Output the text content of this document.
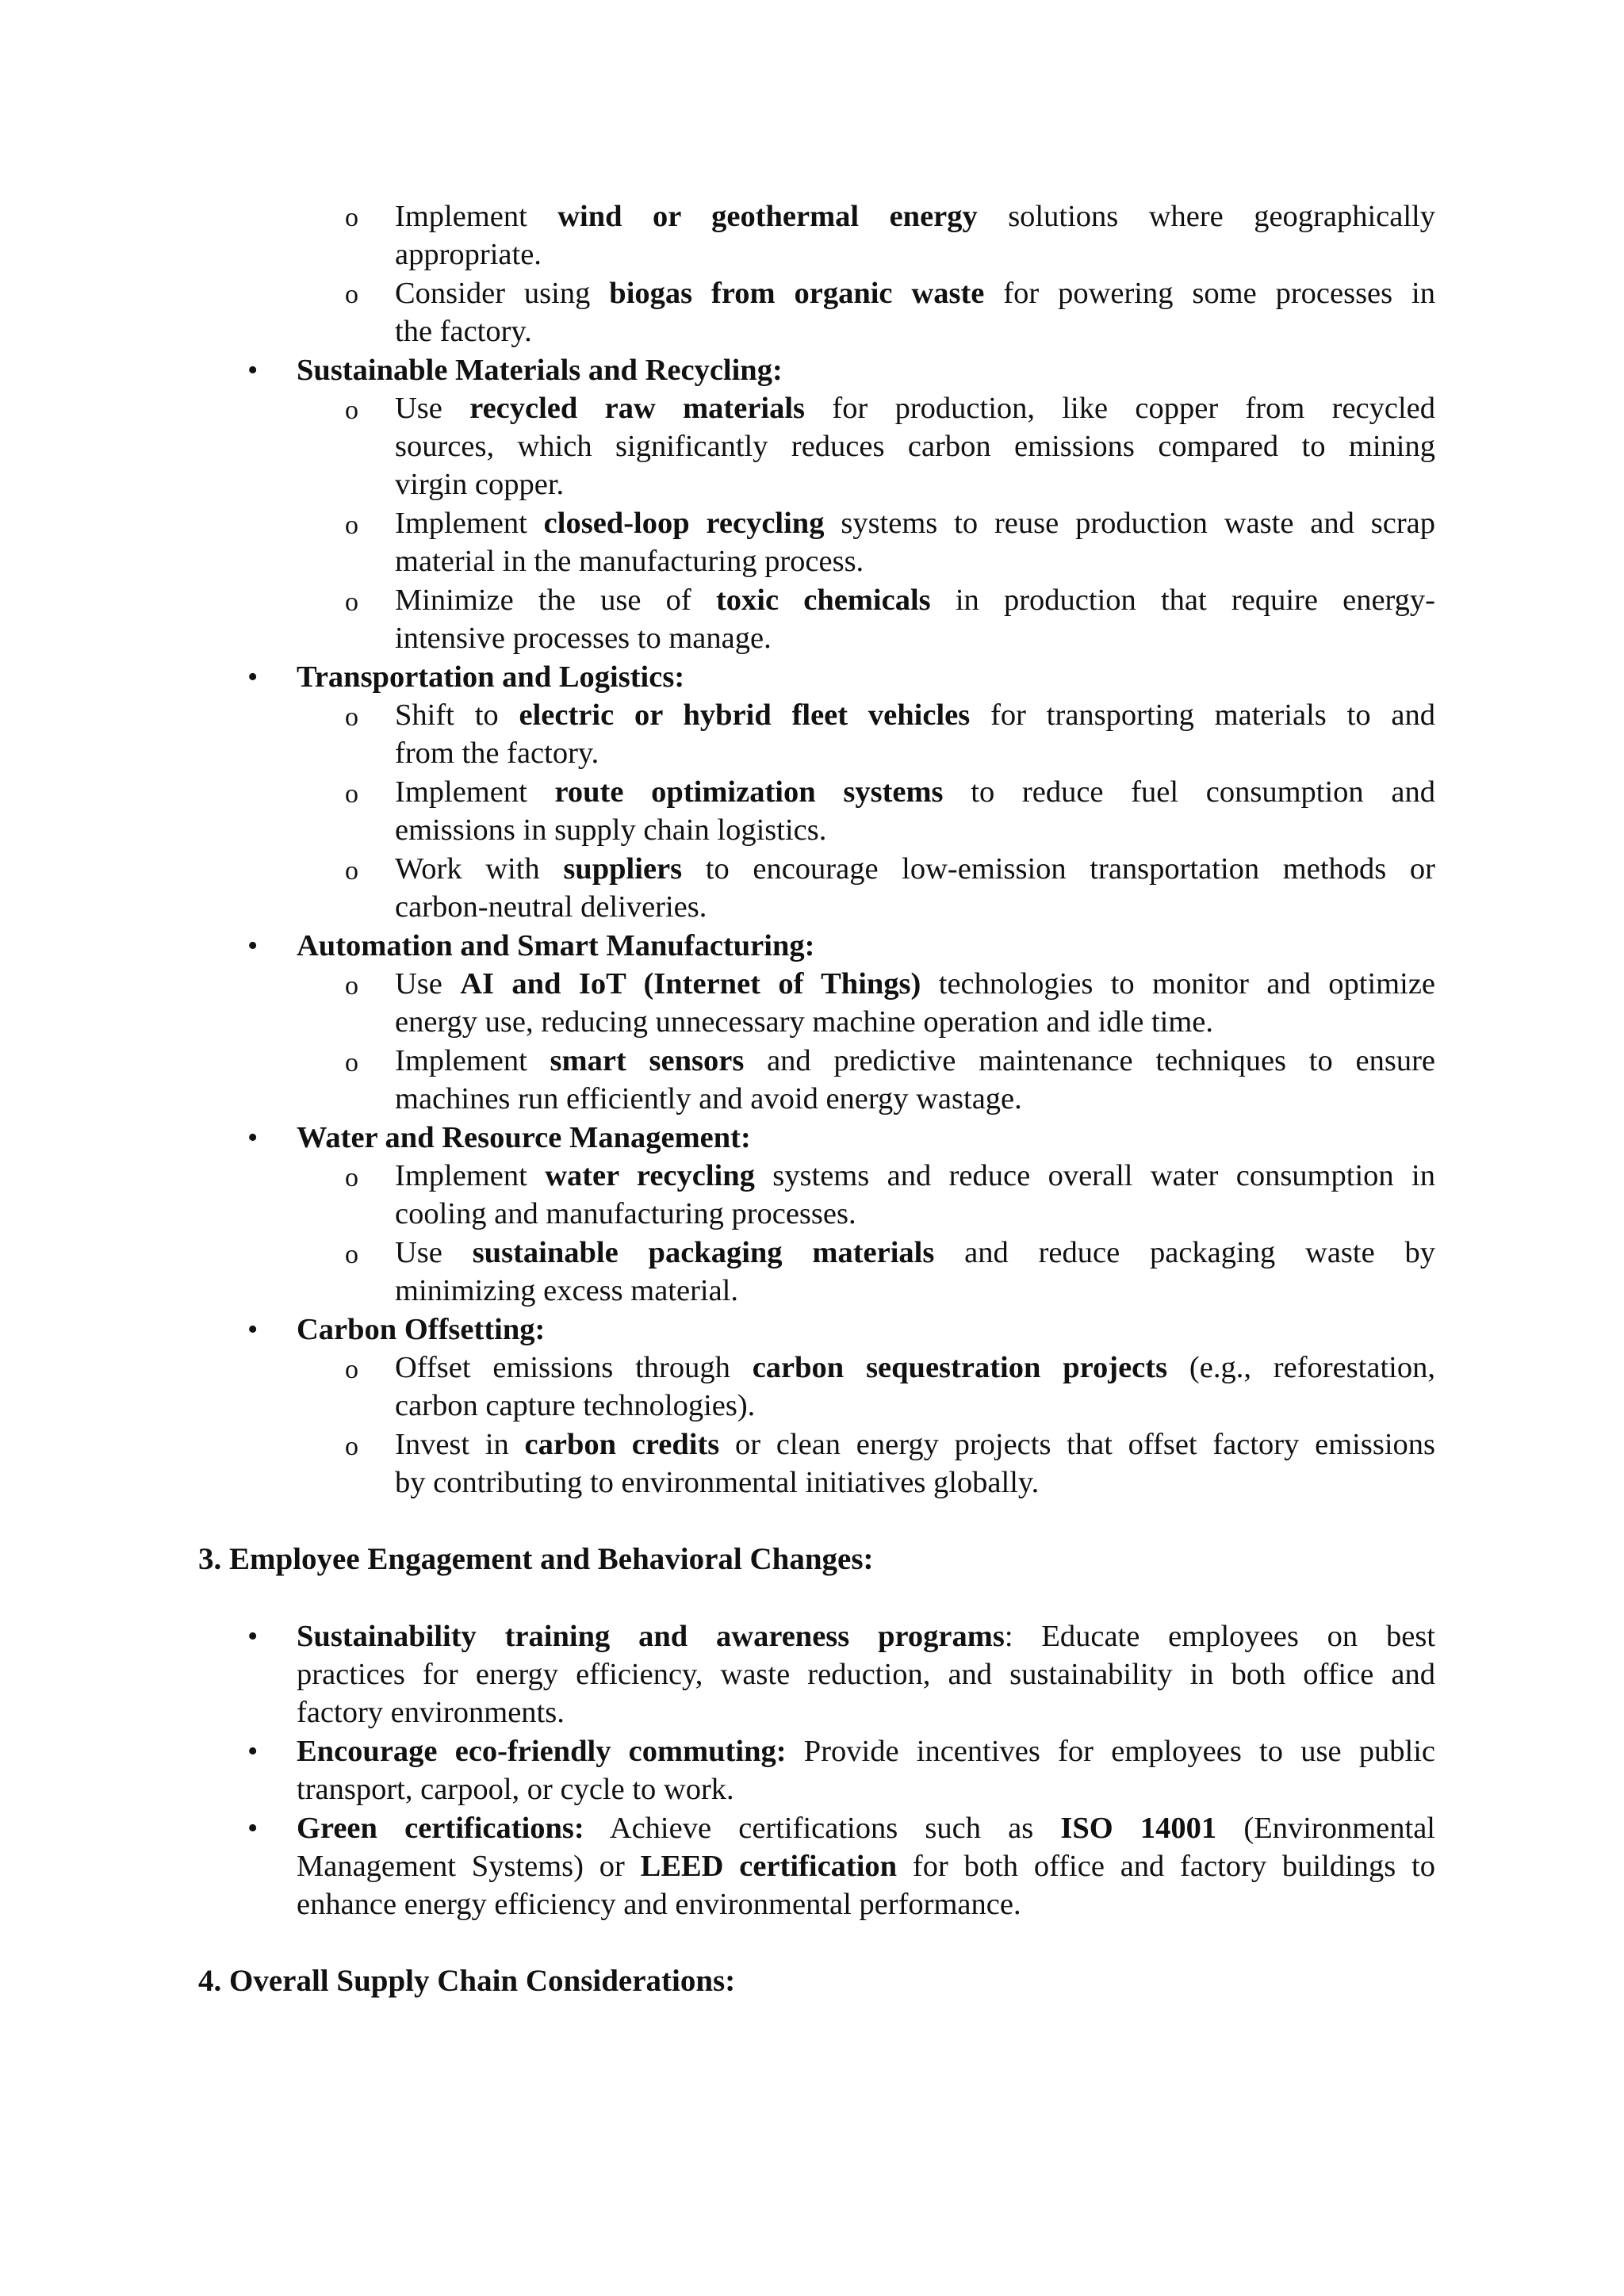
o Implement wind or geothermal energy solutions where geographically
appropriate.
o Consider using biogas from organic waste for powering some processes in
the factory.
• Sustainable Materials and Recycling:
o Use recycled raw materials for production, like copper from recycled
sources, which significantly reduces carbon emissions compared to mining
virgin copper.
o Implement closed-loop recycling systems to reuse production waste and scrap
material in the manufacturing process.
o Minimize the use of toxic chemicals in production that require energy-
intensive processes to manage.
• Transportation and Logistics:
o Shift to electric or hybrid fleet vehicles for transporting materials to and
from the factory.
o Implement route optimization systems to reduce fuel consumption and
emissions in supply chain logistics.
o Work with suppliers to encourage low-emission transportation methods or
carbon-neutral deliveries.
• Automation and Smart Manufacturing:
o Use AI and IoT (Internet of Things) technologies to monitor and optimize
energy use, reducing unnecessary machine operation and idle time.
o Implement smart sensors and predictive maintenance techniques to ensure
machines run efficiently and avoid energy wastage.
• Water and Resource Management:
o Implement water recycling systems and reduce overall water consumption in
cooling and manufacturing processes.
o Use sustainable packaging materials and reduce packaging waste by
minimizing excess material.
• Carbon Offsetting:
o Offset emissions through carbon sequestration projects (e.g., reforestation,
carbon capture technologies).
o Invest in carbon credits or clean energy projects that offset factory emissions
by contributing to environmental initiatives globally.
3. Employee Engagement and Behavioral Changes:
• Sustainability training and awareness programs: Educate employees on best
practices for energy efficiency, waste reduction, and sustainability in both office and
factory environments.
• Encourage eco-friendly commuting: Provide incentives for employees to use public
transport, carpool, or cycle to work.
• Green certifications: Achieve certifications such as ISO 14001 (Environmental
Management Systems) or LEED certification for both office and factory buildings to
enhance energy efficiency and environmental performance.
4. Overall Supply Chain Considerations:
